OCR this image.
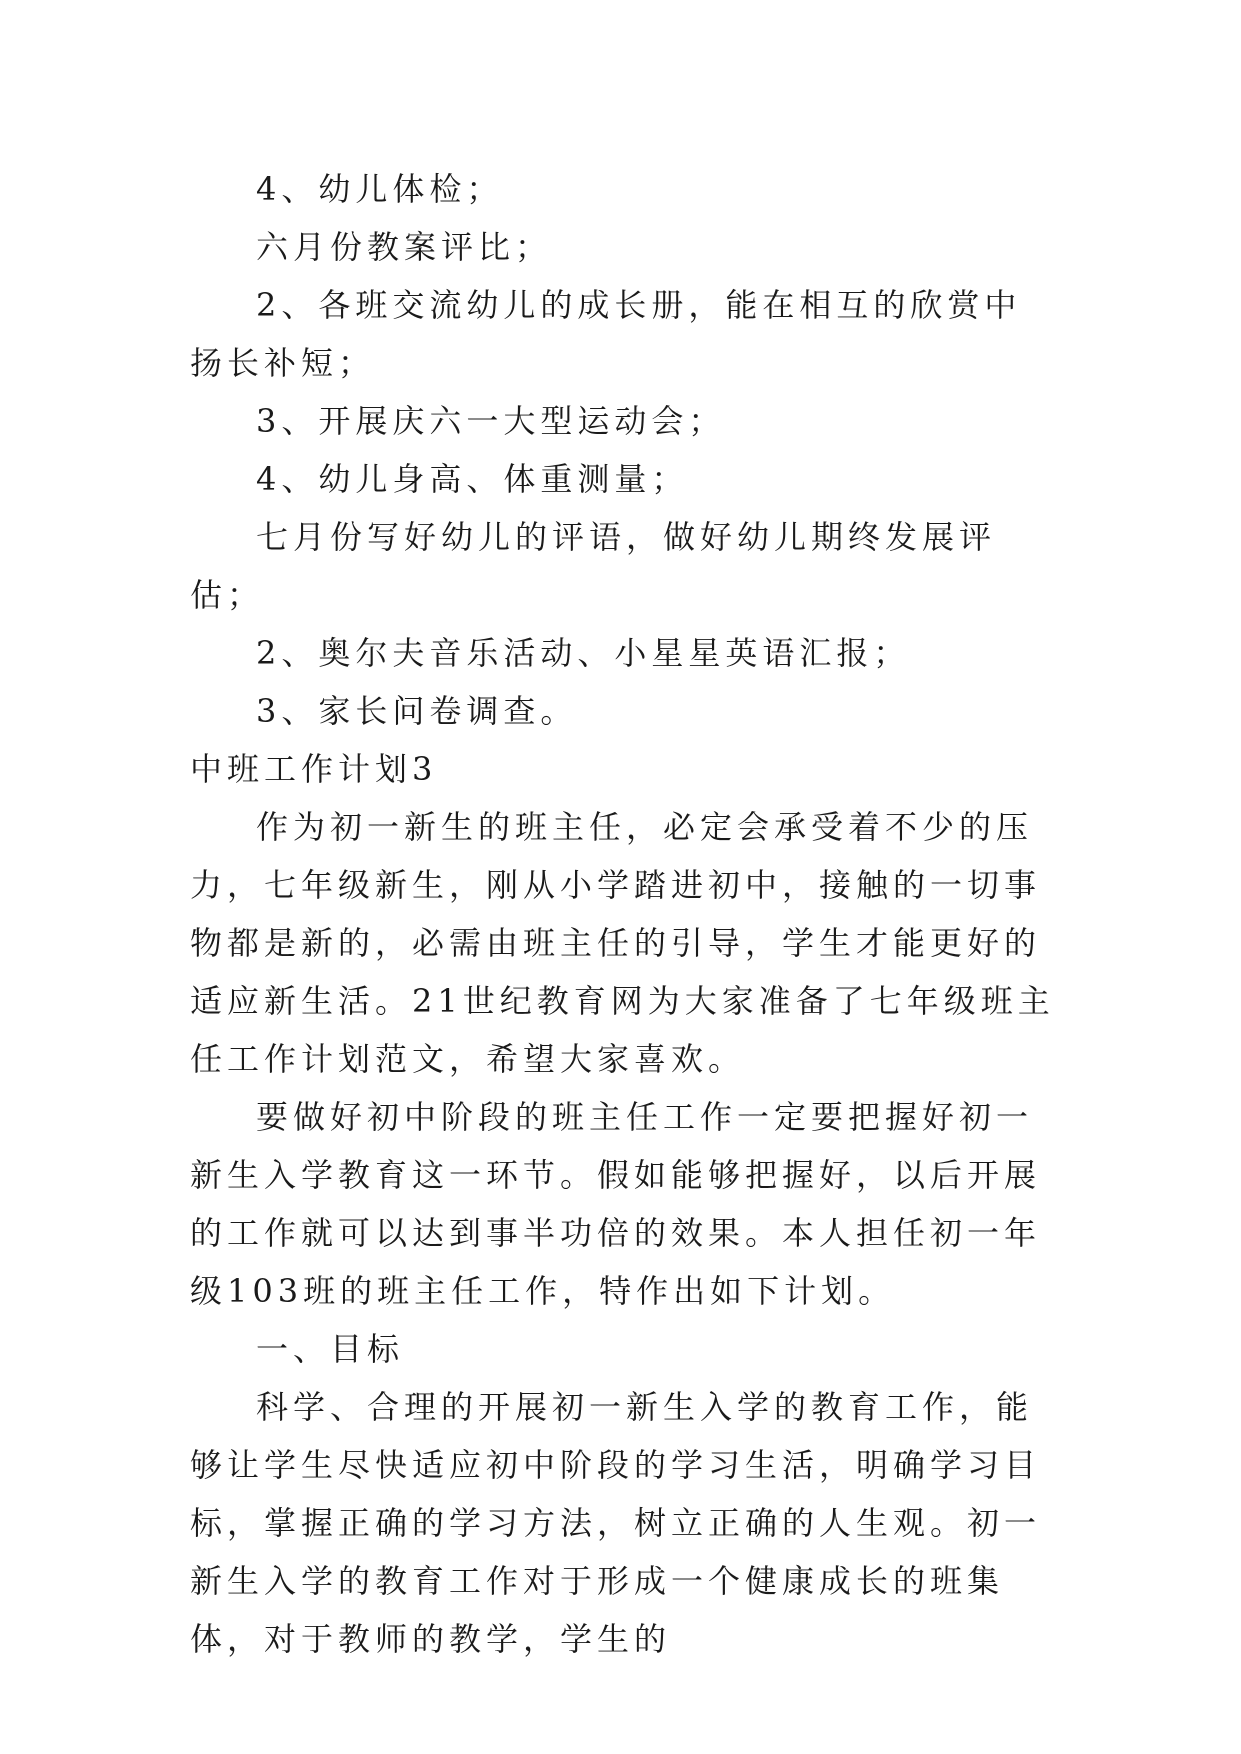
4、幼儿体检；

六月份教案评比；

2、各班交流幼儿的成长册，能在相互的欣赏中扬长补短；

3、开展庆六一大型运动会；

4、幼儿身高、体重测量；

七月份写好幼儿的评语，做好幼儿期终发展评估；

2、奥尔夫音乐活动、小星星英语汇报；

3、家长问卷调查。

中班工作计划3

作为初一新生的班主任，必定会承受着不少的压力，七年级新生，刚从小学踏进初中，接触的一切事物都是新的，必需由班主任的引导，学生才能更好的适应新生活。21世纪教育网为大家准备了七年级班主任工作计划范文，希望大家喜欢。

要做好初中阶段的班主任工作一定要把握好初一新生入学教育这一环节。假如能够把握好，以后开展的工作就可以达到事半功倍的效果。本人担任初一年级103班的班主任工作，特作出如下计划。

一、目标

科学、合理的开展初一新生入学的教育工作，能够让学生尽快适应初中阶段的学习生活，明确学习目标，掌握正确的学习方法，树立正确的人生观。初一新生入学的教育工作对于形成一个健康成长的班集体，对于教师的教学，学生的
